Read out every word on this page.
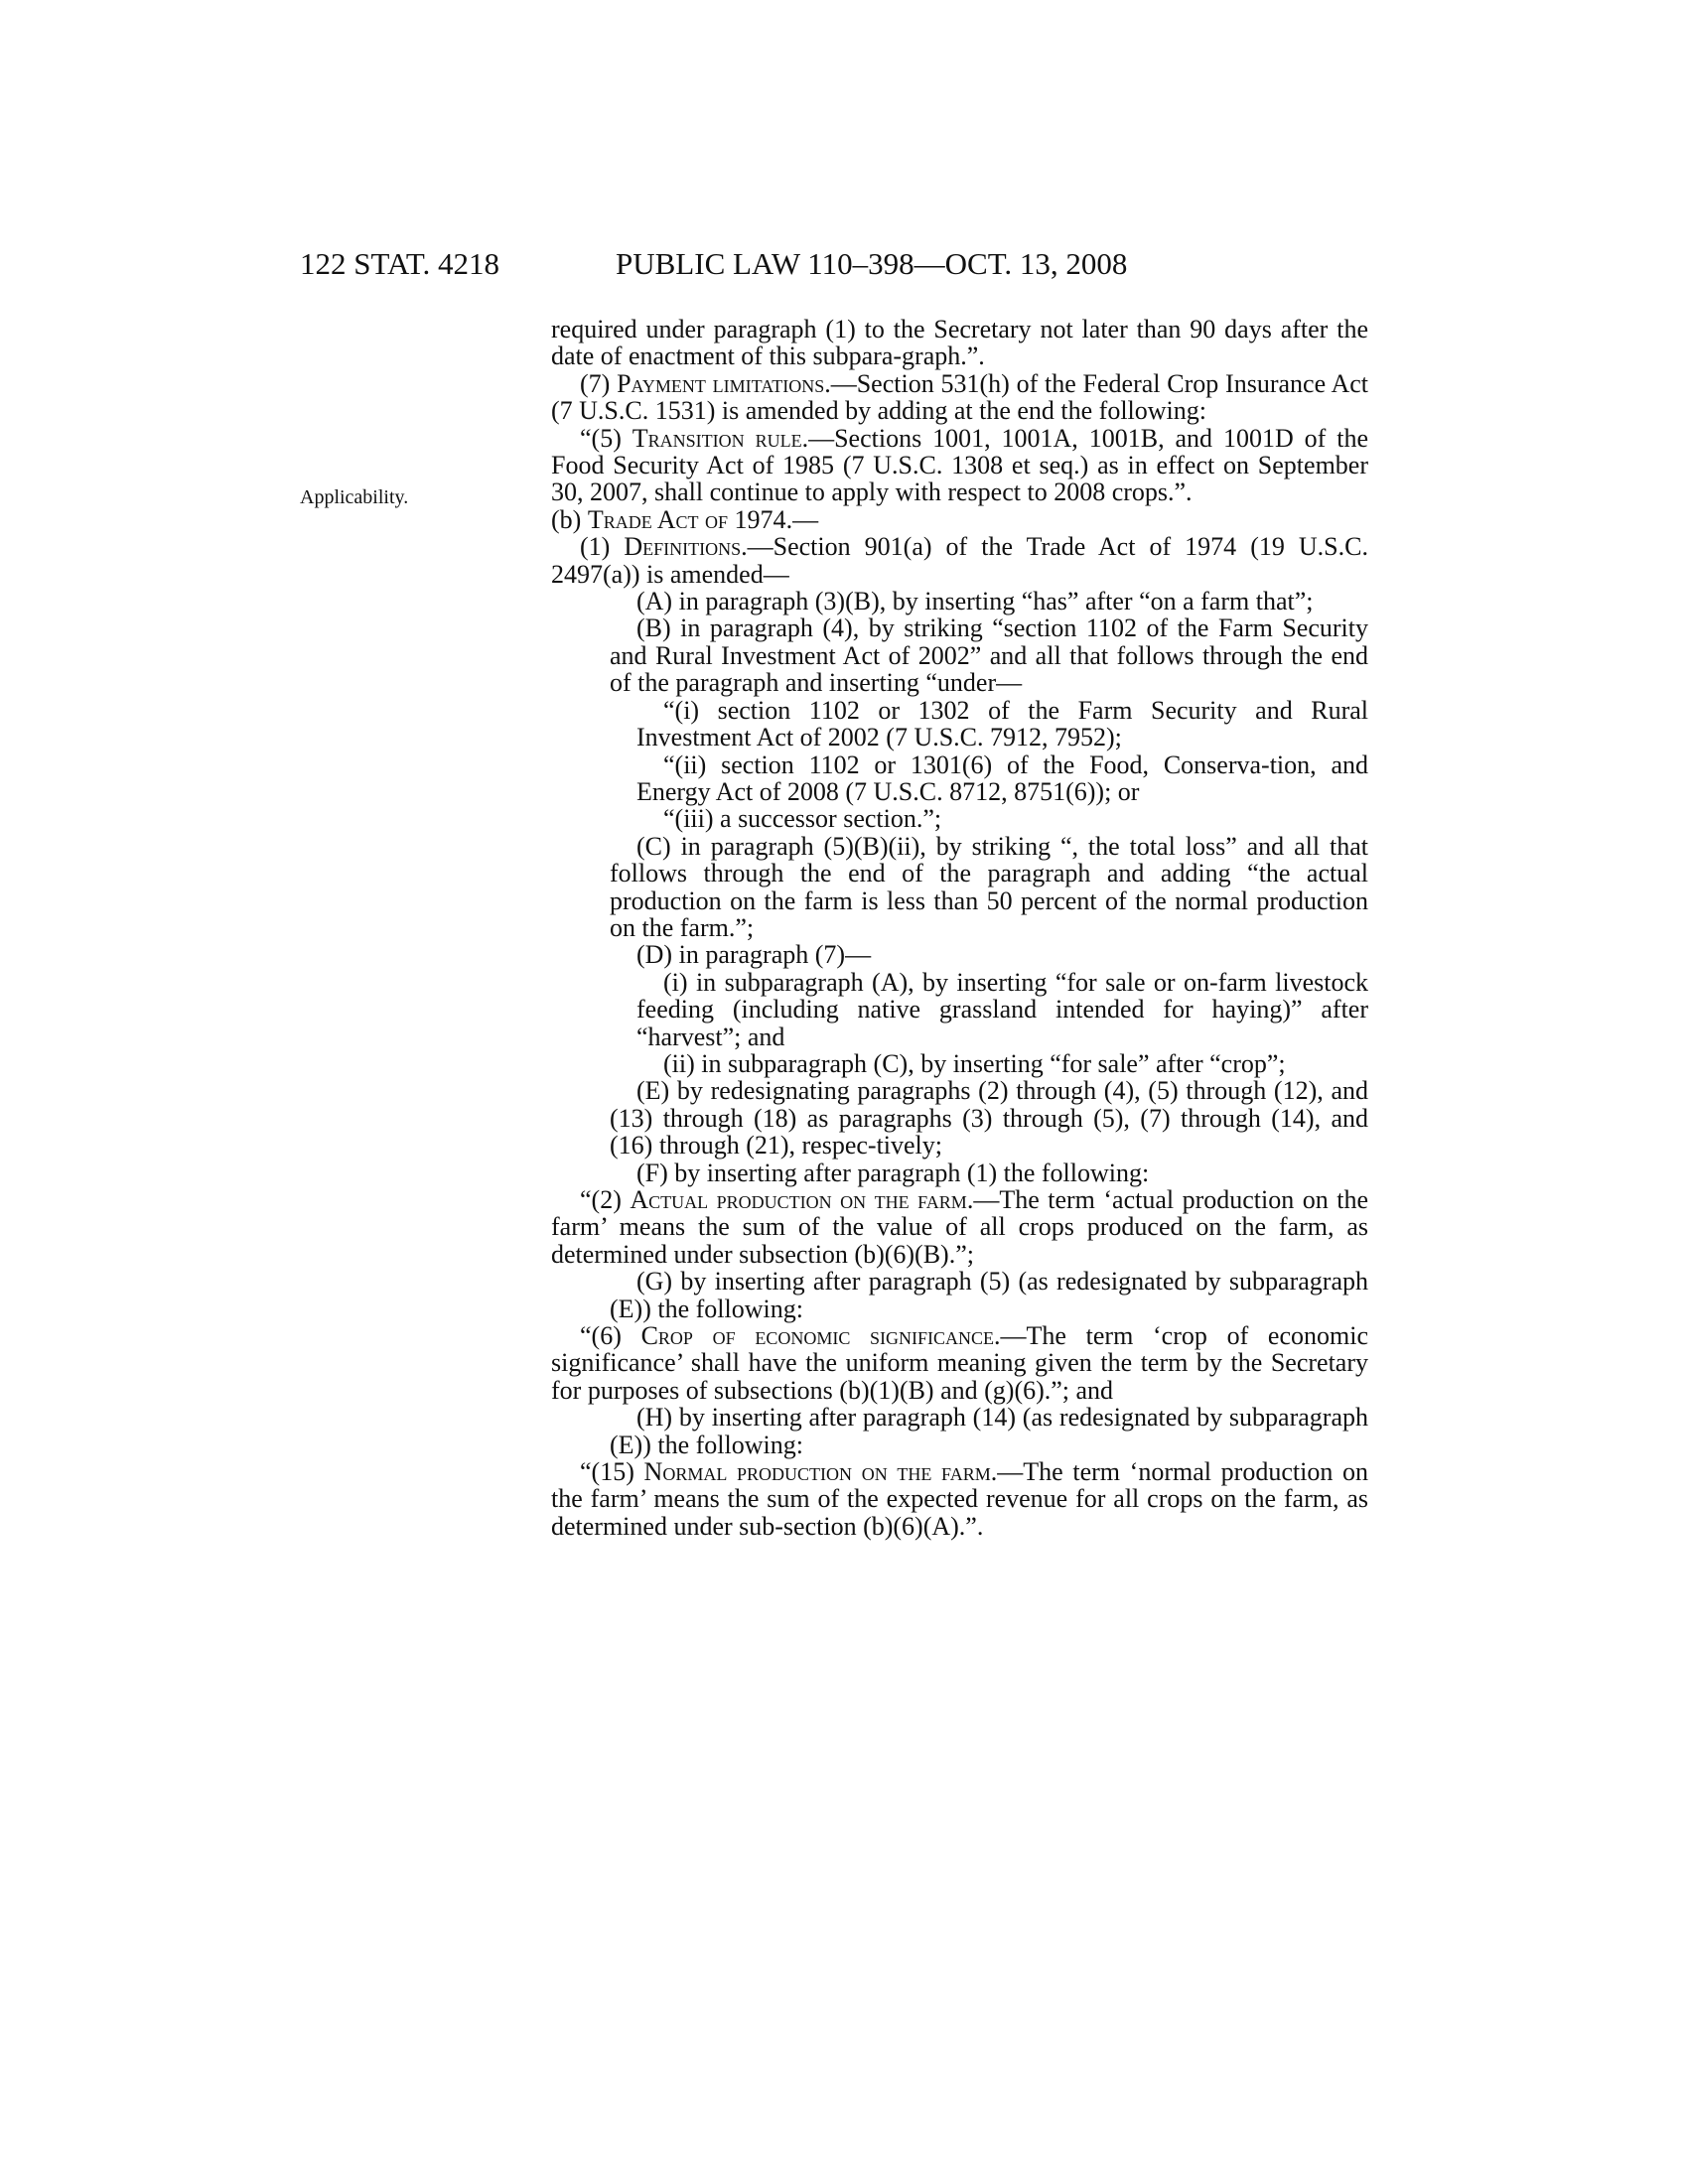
122 STAT. 4218	PUBLIC LAW 110–398—OCT. 13, 2008
Applicability.

required under paragraph (1) to the Secretary not later than 90 days after the date of enactment of this subpara-graph.”.

(7) Payment limitations.—Section 531(h) of the Federal Crop Insurance Act (7 U.S.C. 1531) is amended by adding at the end the following:

“(5) Transition rule.—Sections 1001, 1001A, 1001B, and 1001D of the Food Security Act of 1985 (7 U.S.C. 1308 et seq.) as in effect on September 30, 2007, shall continue to apply with respect to 2008 crops.”.

(b) Trade Act of 1974.—

(1) Definitions.—Section 901(a) of the Trade Act of 1974 (19 U.S.C. 2497(a)) is amended—

(A) in paragraph (3)(B), by inserting “has” after “on a farm that”;

(B) in paragraph (4), by striking “section 1102 of the Farm Security and Rural Investment Act of 2002” and all that follows through the end of the paragraph and inserting “under—

“(i) section 1102 or 1302 of the Farm Security and Rural Investment Act of 2002 (7 U.S.C. 7912, 7952);

“(ii) section 1102 or 1301(6) of the Food, Conserva-tion, and Energy Act of 2008 (7 U.S.C. 8712, 8751(6)); or

“(iii) a successor section.”;

(C) in paragraph (5)(B)(ii), by striking “, the total loss” and all that follows through the end of the paragraph and adding “the actual production on the farm is less than 50 percent of the normal production on the farm.”;

(D) in paragraph (7)—

(i) in subparagraph (A), by inserting “for sale or on-farm livestock feeding (including native grassland intended for haying)” after “harvest”; and

(ii) in subparagraph (C), by inserting “for sale” after “crop”;

(E) by redesignating paragraphs (2) through (4), (5) through (12), and (13) through (18) as paragraphs (3) through (5), (7) through (14), and (16) through (21), respec-tively;

(F) by inserting after paragraph (1) the following:

“(2) Actual production on the farm.—The term ‘actual production on the farm’ means the sum of the value of all crops produced on the farm, as determined under subsection (b)(6)(B).”;

(G) by inserting after paragraph (5) (as redesignated by subparagraph (E)) the following:

“(6) Crop of economic significance.—The term ‘crop of economic significance’ shall have the uniform meaning given the term by the Secretary for purposes of subsections (b)(1)(B) and (g)(6).”; and

(H) by inserting after paragraph (14) (as redesignated by subparagraph (E)) the following:

“(15) Normal production on the farm.—The term ‘normal production on the farm’ means the sum of the expected revenue for all crops on the farm, as determined under sub-section (b)(6)(A).”.
